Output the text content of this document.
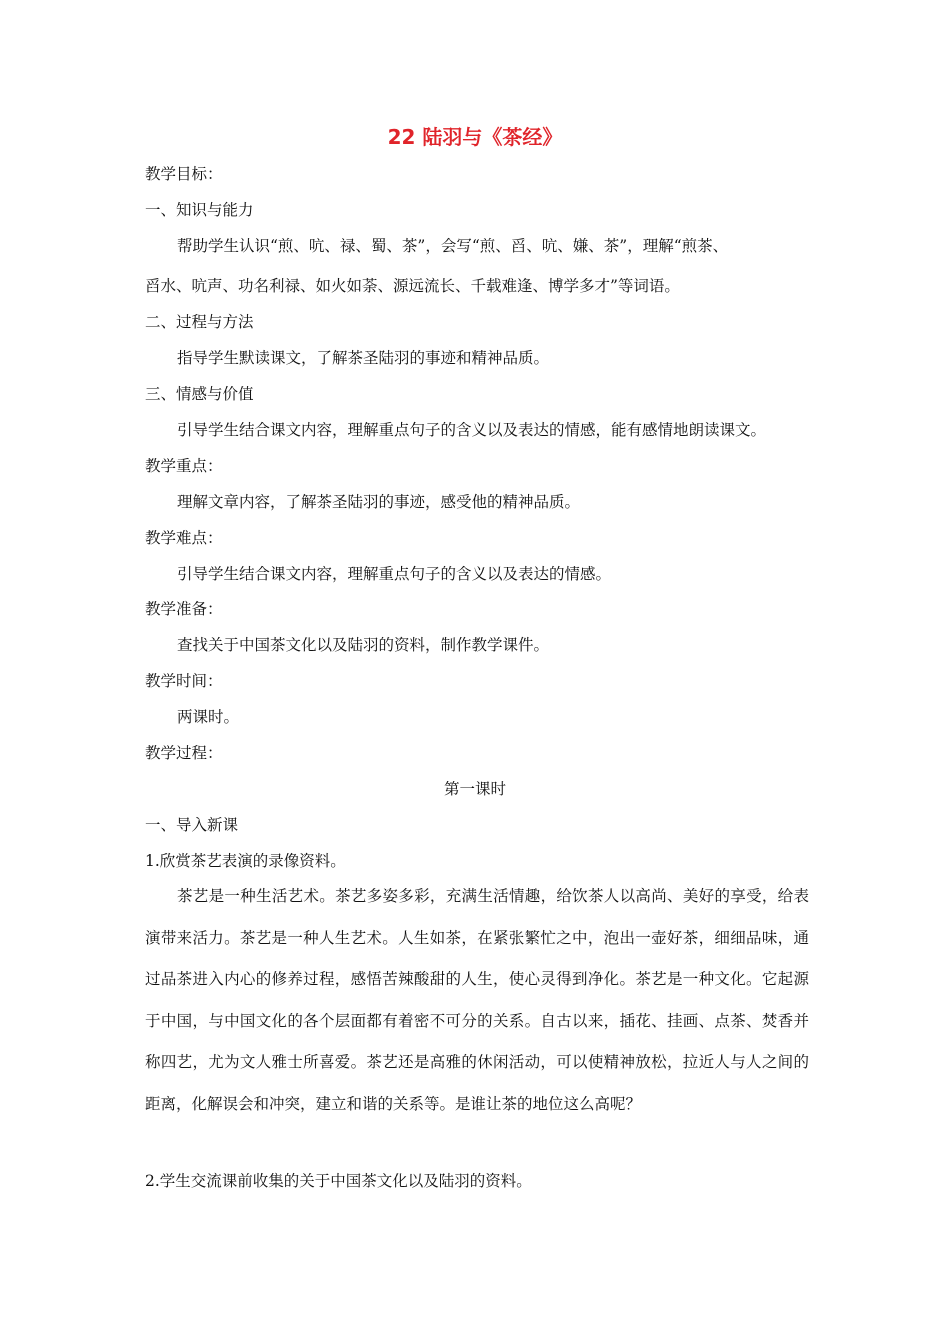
22 陆羽与《茶经》
教学目标：
一、知识与能力
帮助学生认识“煎、吭、禄、蜀、茶”，会写“煎、舀、吭、嫌、茶”，理解“煎茶、
舀水、吭声、功名利禄、如火如荼、源远流长、千载难逢、博学多才”等词语。
二、过程与方法
指导学生默读课文，了解茶圣陆羽的事迹和精神品质。
三、情感与价值
引导学生结合课文内容，理解重点句子的含义以及表达的情感，能有感情地朗读课文。
教学重点：
理解文章内容，了解茶圣陆羽的事迹，感受他的精神品质。
教学难点：
引导学生结合课文内容，理解重点句子的含义以及表达的情感。
教学准备：
查找关于中国茶文化以及陆羽的资料，制作教学课件。
教学时间：
两课时。
教学过程：
第一课时
一、导入新课
1.欣赏茶艺表演的录像资料。
茶艺是一种生活艺术。茶艺多姿多彩，充满生活情趣，给饮茶人以高尚、美好的享受，给表演带来活力。茶艺是一种人生艺术。人生如茶，在紧张繁忙之中，泡出一壶好茶，细细品味，通过品茶进入内心的修养过程，感悟苦辣酸甜的人生，使心灵得到净化。茶艺是一种文化。它起源于中国，与中国文化的各个层面都有着密不可分的关系。自古以来，插花、挂画、点茶、焚香并称四艺，尤为文人雅士所喜爱。茶艺还是高雅的休闲活动，可以使精神放松，拉近人与人之间的距离，化解误会和冲突，建立和谐的关系等。是谁让茶的地位这么高呢？
2.学生交流课前收集的关于中国茶文化以及陆羽的资料。
